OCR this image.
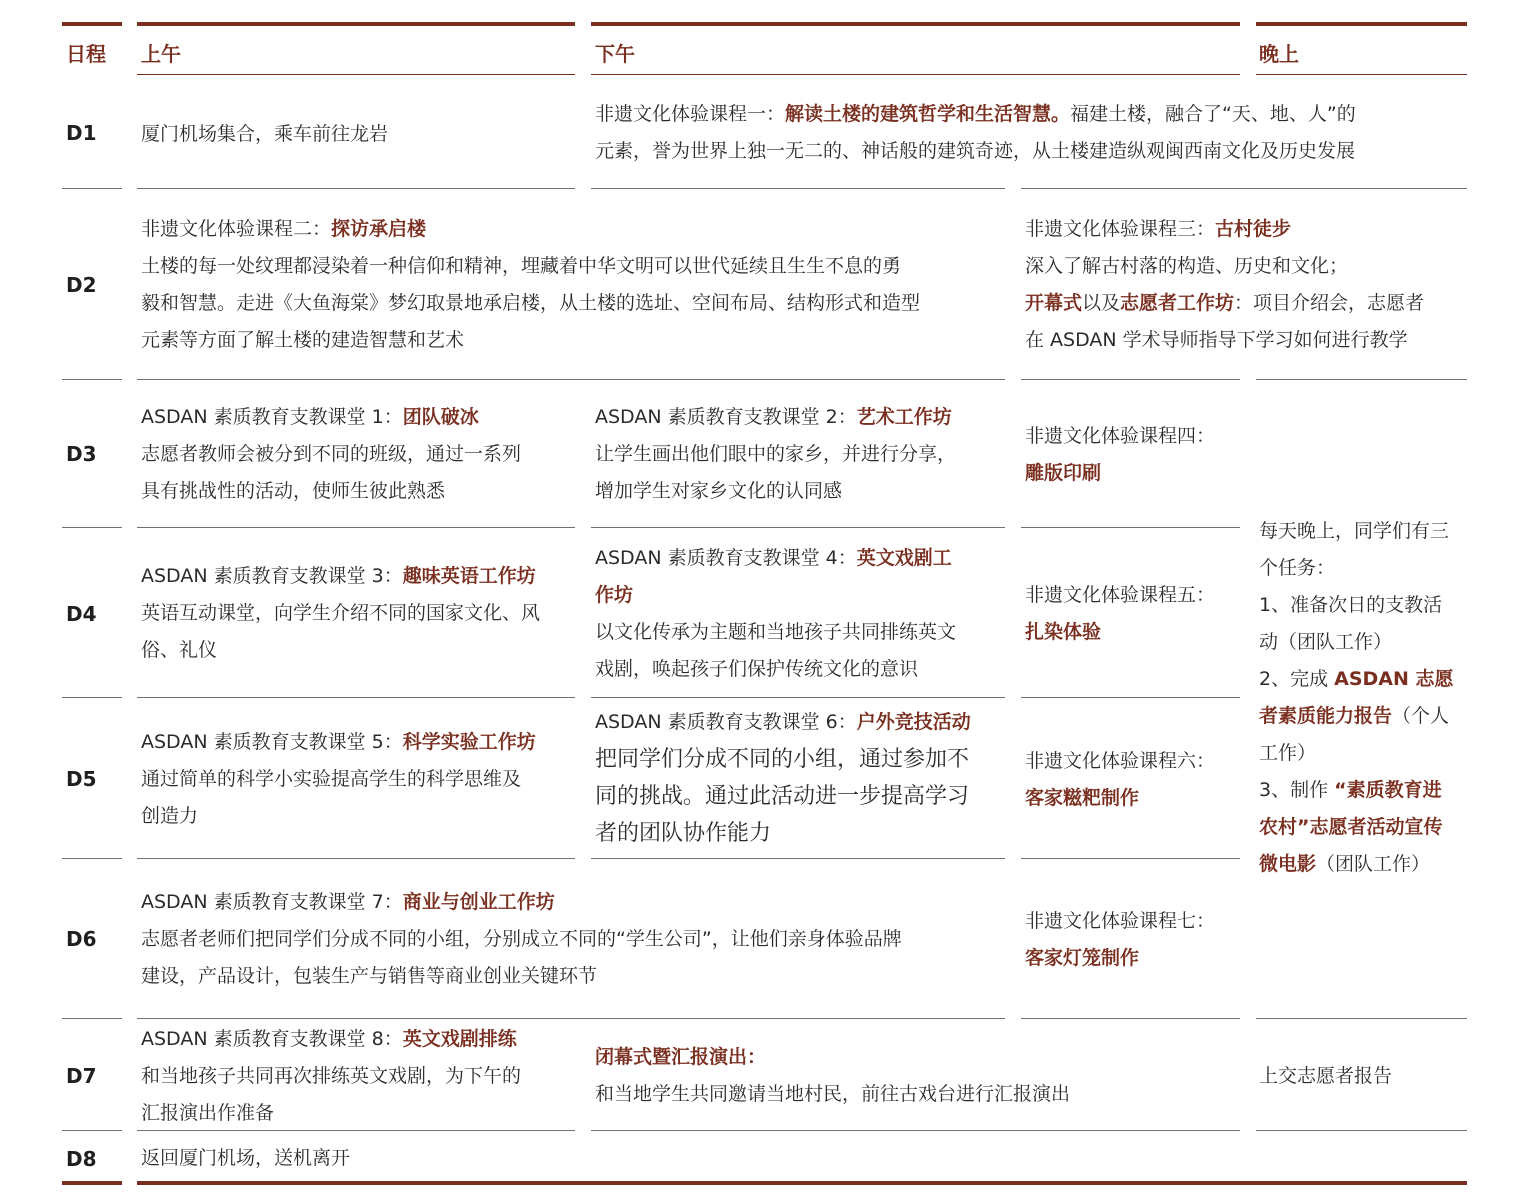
日程 上午	下午	晚上
D1 厦门机场集合，乘车前往龙岩
非遗文化体验课程一：解读土楼的建筑哲学和生活智慧。福建土楼，融合了“天、地、人”的
元素，誉为世界上独一无二的、神话般的建筑奇迹，从土楼建造纵观闽西南文化及历史发展
D2
非遗文化体验课程二：探访承启楼
土楼的每一处纹理都浸染着一种信仰和精神，埋藏着中华文明可以世代延续且生生不息的勇
毅和智慧。走进《大鱼海棠》梦幻取景地承启楼，从土楼的选址、空间布局、结构形式和造型
元素等方面了解土楼的建造智慧和艺术
非遗文化体验课程三：古村徒步
深入了解古村落的构造、历史和文化；
开幕式以及志愿者工作坊：项目介绍会，志愿者
在 ASDAN 学术导师指导下学习如何进行教学
D3
ASDAN 素质教育支教课堂 1：团队破冰
志愿者教师会被分到不同的班级，通过一系列
具有挑战性的活动，使师生彼此熟悉
ASDAN 素质教育支教课堂 2：艺术工作坊
让学生画出他们眼中的家乡，并进行分享，
增加学生对家乡文化的认同感
非遗文化体验课程四：
雕版印刷
D4
ASDAN 素质教育支教课堂 3：趣味英语工作坊
英语互动课堂，向学生介绍不同的国家文化、风
俗、礼仪
ASDAN 素质教育支教课堂 4：英文戏剧工
作坊
以文化传承为主题和当地孩子共同排练英文
戏剧，唤起孩子们保护传统文化的意识
非遗文化体验课程五：
扎染体验
D5
ASDAN 素质教育支教课堂 5：科学实验工作坊
通过简单的科学小实验提高学生的科学思维及
创造力
ASDAN 素质教育支教课堂 6：户外竞技活动
把同学们分成不同的小组，通过参加不
同的挑战。通过此活动进一步提高学习
者的团队协作能力
非遗文化体验课程六：
客家糍粑制作
D6
ASDAN 素质教育支教课堂 7：商业与创业工作坊
志愿者老师们把同学们分成不同的小组，分别成立不同的“学生公司”，让他们亲身体验品牌
建设，产品设计，包装生产与销售等商业创业关键环节
非遗文化体验课程七：
客家灯笼制作
每天晚上，同学们有三
个任务：
1、准备次日的支教活
动（团队工作）
2、完成 ASDAN 志愿
者素质能力报告（个人
工作）
3、制作 “素质教育进
农村”志愿者活动宣传
微电影（团队工作）
D7
ASDAN 素质教育支教课堂 8：英文戏剧排练
和当地孩子共同再次排练英文戏剧，为下午的
汇报演出作准备
闭幕式暨汇报演出：
和当地学生共同邀请当地村民，前往古戏台进行汇报演出
上交志愿者报告
D8 返回厦门机场，送机离开
